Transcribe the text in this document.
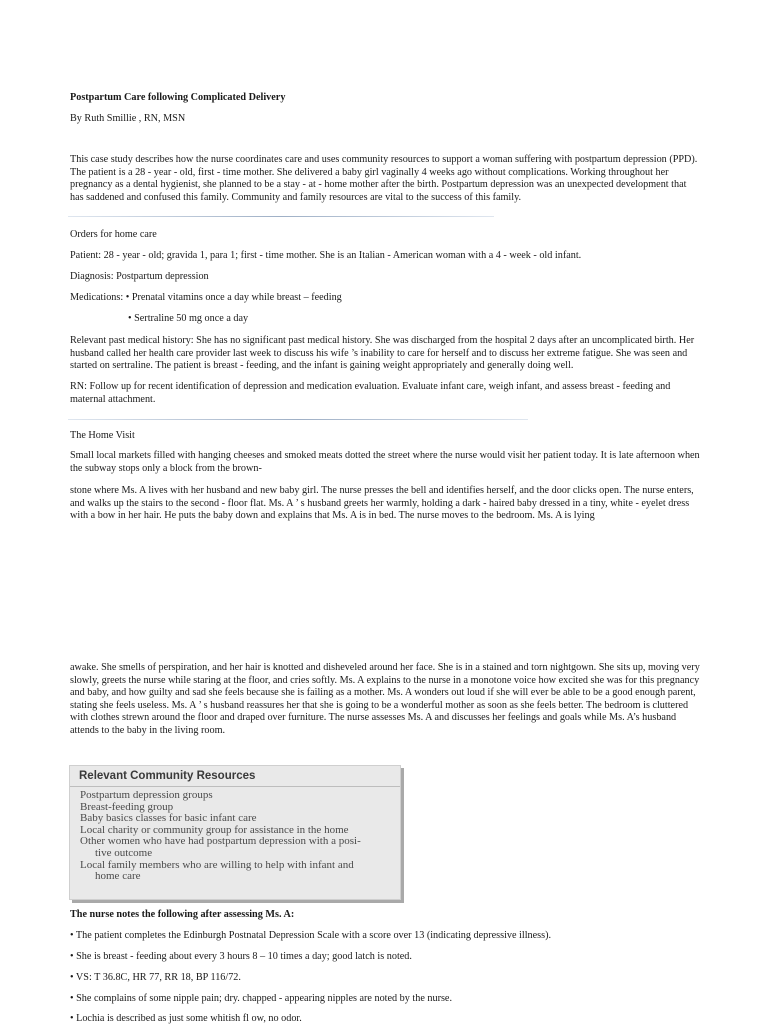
Postpartum Care following Complicated Delivery

By Ruth Smillie , RN, MSN

This case study describes how the nurse coordinates care and uses community resources to support a woman suffering with postpartum depression (PPD). The patient is a 28 - year - old, first - time mother. She delivered a baby girl vaginally 4 weeks ago without complications. Working throughout her pregnancy as a dental hygienist, she planned to be a stay - at - home mother after the birth. Postpartum depression was an unexpected development that has saddened and confused this family. Community and family resources are vital to the success of this family.

Orders for home care

Patient: 28 - year - old; gravida 1, para 1; first - time mother. She is an Italian - American woman with a 4 - week - old infant.

Diagnosis: Postpartum depression

Medications: • Prenatal vitamins once a day while breast – feeding

• Sertraline 50 mg once a day

Relevant past medical history: She has no significant past medical history. She was discharged from the hospital 2 days after an uncomplicated birth. Her husband called her health care provider last week to discuss his wife ’s inability to care for herself and to discuss her extreme fatigue. She was seen and started on sertraline. The patient is breast - feeding, and the infant is gaining weight appropriately and generally doing well.

RN: Follow up for recent identification of depression and medication evaluation. Evaluate infant care, weigh infant, and assess breast - feeding and maternal attachment.

The Home Visit

Small local markets filled with hanging cheeses and smoked meats dotted the street where the nurse would visit her patient today. It is late afternoon when the subway stops only a block from the brown-

stone where Ms. A lives with her husband and new baby girl. The nurse presses the bell and identifies herself, and the door clicks open. The nurse enters, and walks up the stairs to the second - floor flat. Ms. A ’ s husband greets her warmly, holding a dark - haired baby dressed in a tiny, white - eyelet dress with a bow in her hair. He puts the baby down and explains that Ms. A is in bed. The nurse moves to the bedroom. Ms. A is lying

awake. She smells of perspiration, and her hair is knotted and disheveled around her face. She is in a stained and torn nightgown. She sits up, moving very slowly, greets the nurse while staring at the floor, and cries softly. Ms. A explains to the nurse in a monotone voice how excited she was for this pregnancy and baby, and how guilty and sad she feels because she is failing as a mother. Ms. A wonders out loud if she will ever be able to be a good enough parent, stating she feels useless. Ms. A ’ s husband reassures her that she is going to be a wonderful mother as soon as she feels better. The bedroom is cluttered with clothes strewn around the floor and draped over furniture. The nurse assesses Ms. A and discusses her feelings and goals while Ms. A’s husband attends to the baby in the living room.

Relevant Community Resources
Postpartum depression groups
Breast-feeding group
Baby basics classes for basic infant care
Local charity or community group for assistance in the home
Other women who have had postpartum depression with a posi-
tive outcome
Local family members who are willing to help with infant and
home care

The nurse notes the following after assessing Ms. A:

• The patient completes the Edinburgh Postnatal Depression Scale with a score over 13 (indicating depressive illness).

• She is breast - feeding about every 3 hours 8 – 10 times a day; good latch is noted.

• VS: T 36.8C, HR 77, RR 18, BP 116/72.

• She complains of some nipple pain; dry. chapped - appearing nipples are noted by the nurse.

• Lochia is described as just some whitish fl ow, no odor.
